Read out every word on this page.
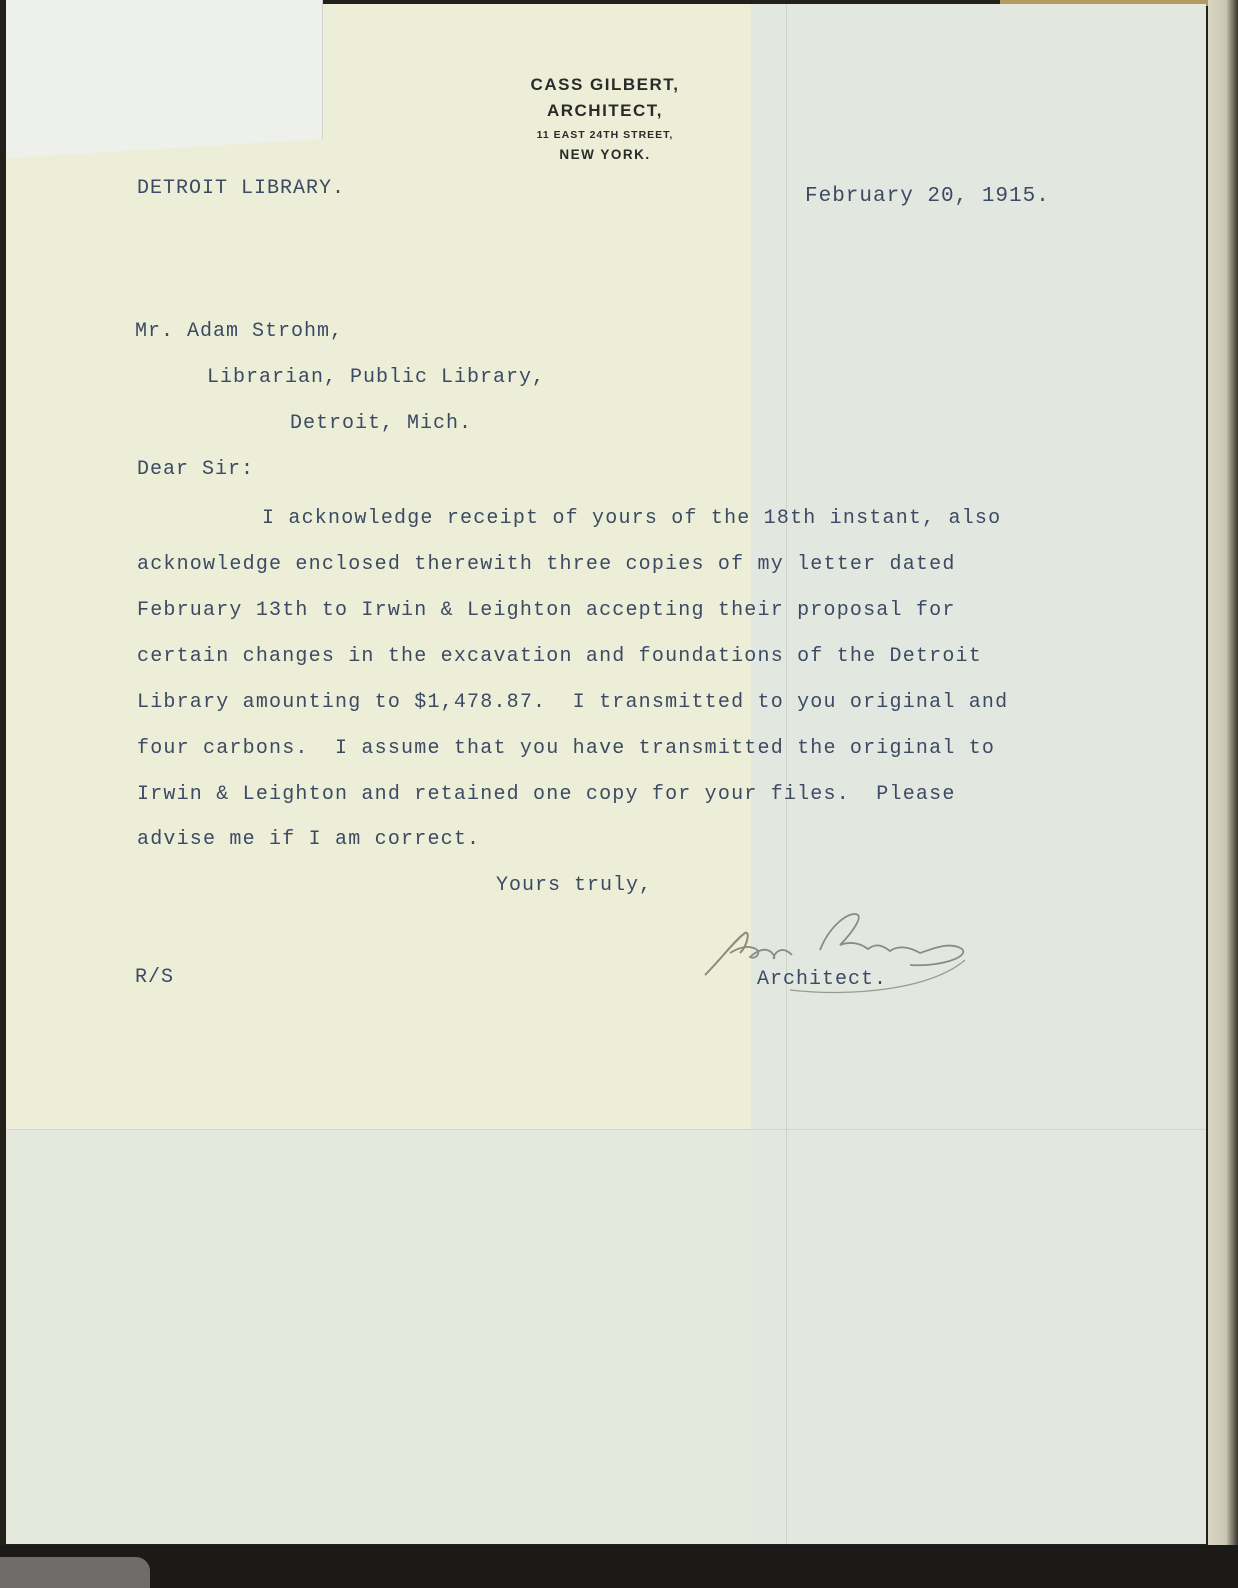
CASS GILBERT,
ARCHITECT,
11 EAST 24TH STREET,
NEW YORK.
DETROIT LIBRARY.	February 20, 1915.
Mr. Adam Strohm,
Librarian, Public Library,
Detroit, Mich.
Dear Sir:
I acknowledge receipt of yours of the 18th instant, also
acknowledge enclosed therewith three copies of my letter dated
February 13th to Irwin & Leighton accepting their proposal for
certain changes in the excavation and foundations of the Detroit
Library amounting to $1,478.87.  I transmitted to you original and
four carbons.  I assume that you have transmitted the original to
Irwin & Leighton and retained one copy for your files.  Please
advise me if I am correct.
Yours truly,
Architect.
R/S
